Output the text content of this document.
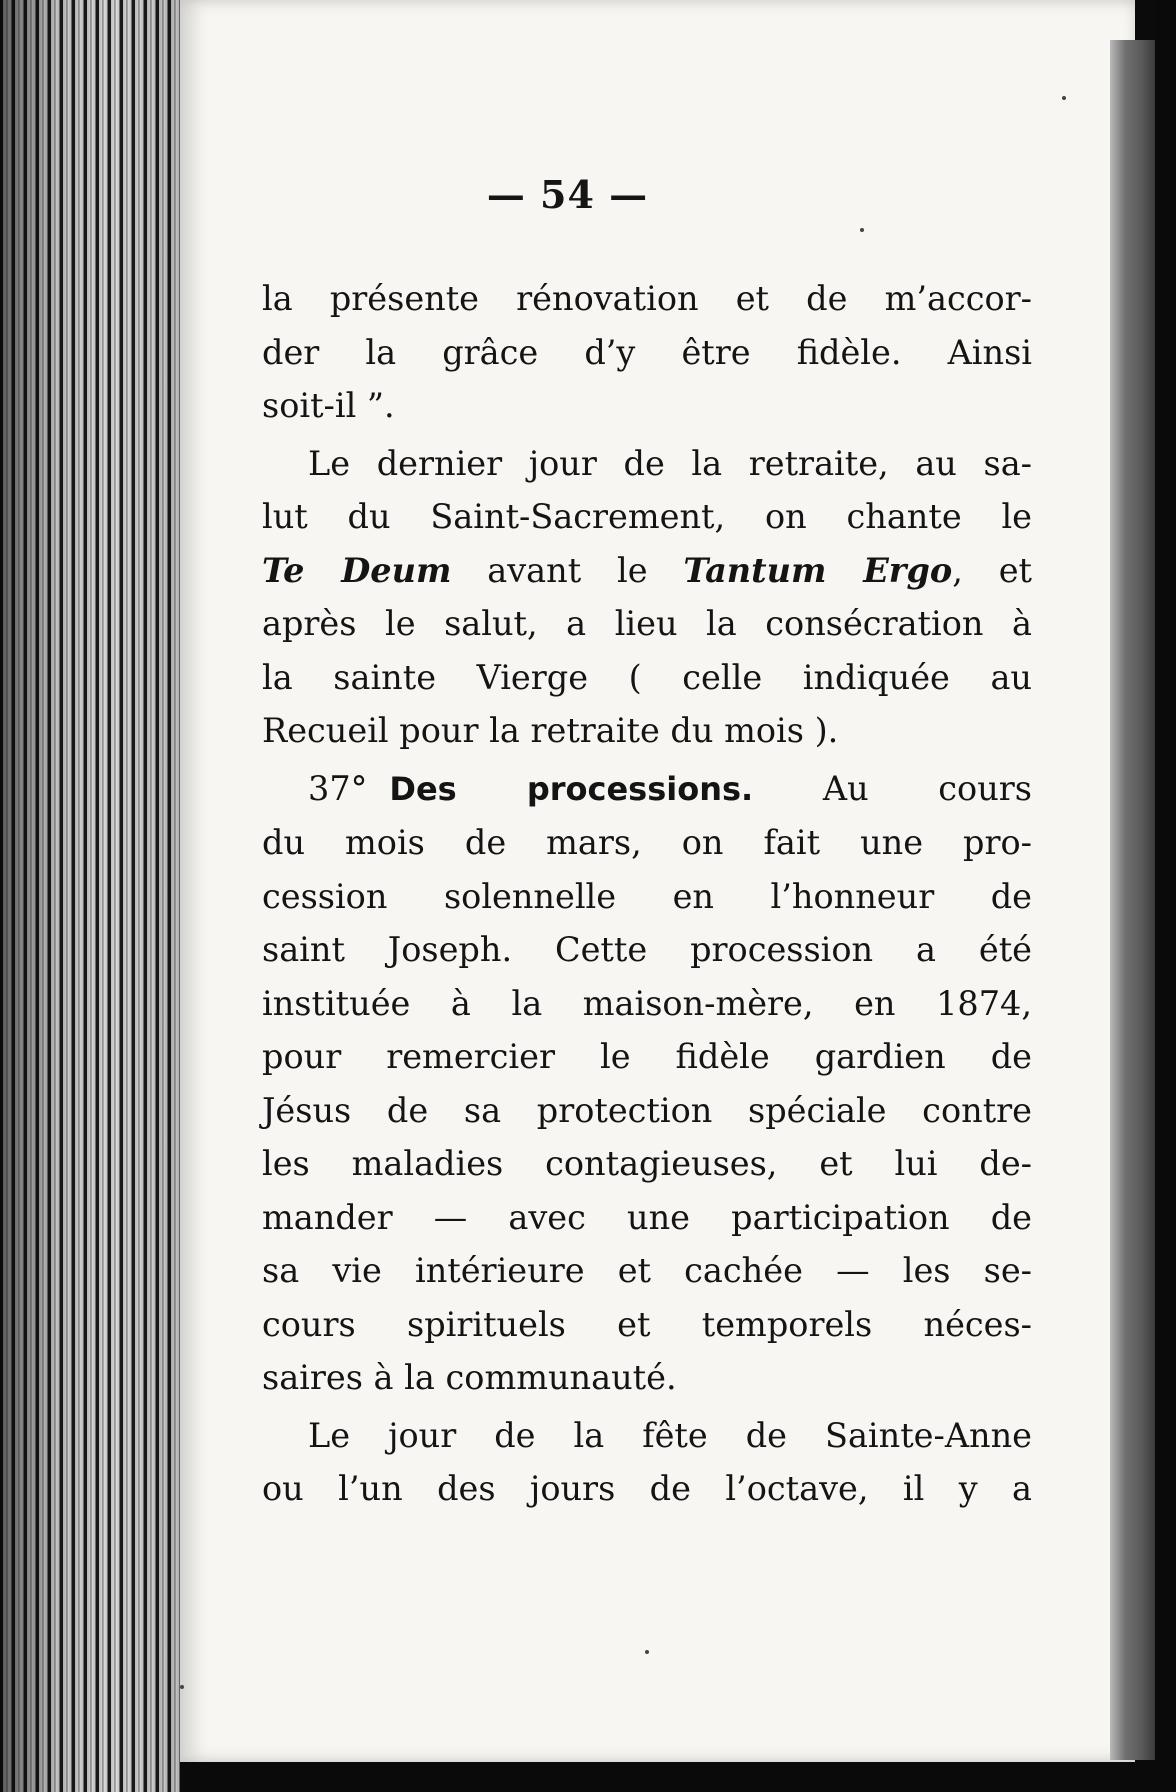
— 54 —
la présente rénovation et de m’accor-
der la grâce d’y être fidèle. Ainsi
soit-il ”.
Le dernier jour de la retraite, au sa-
lut du Saint-Sacrement, on chante le
Te Deum avant le Tantum Ergo, et
après le salut, a lieu la consécration à
la sainte Vierge ( celle indiquée au
Recueil pour la retraite du mois ).
37° Des processions. Au cours
du mois de mars, on fait une pro-
cession solennelle en l’honneur de
saint Joseph. Cette procession a été
instituée à la maison-mère, en 1874,
pour remercier le fidèle gardien de
Jésus de sa protection spéciale contre
les maladies contagieuses, et lui de-
mander — avec une participation de
sa vie intérieure et cachée — les se-
cours spirituels et temporels néces-
saires à la communauté.
Le jour de la fête de Sainte-Anne
ou l’un des jours de l’octave, il y a
